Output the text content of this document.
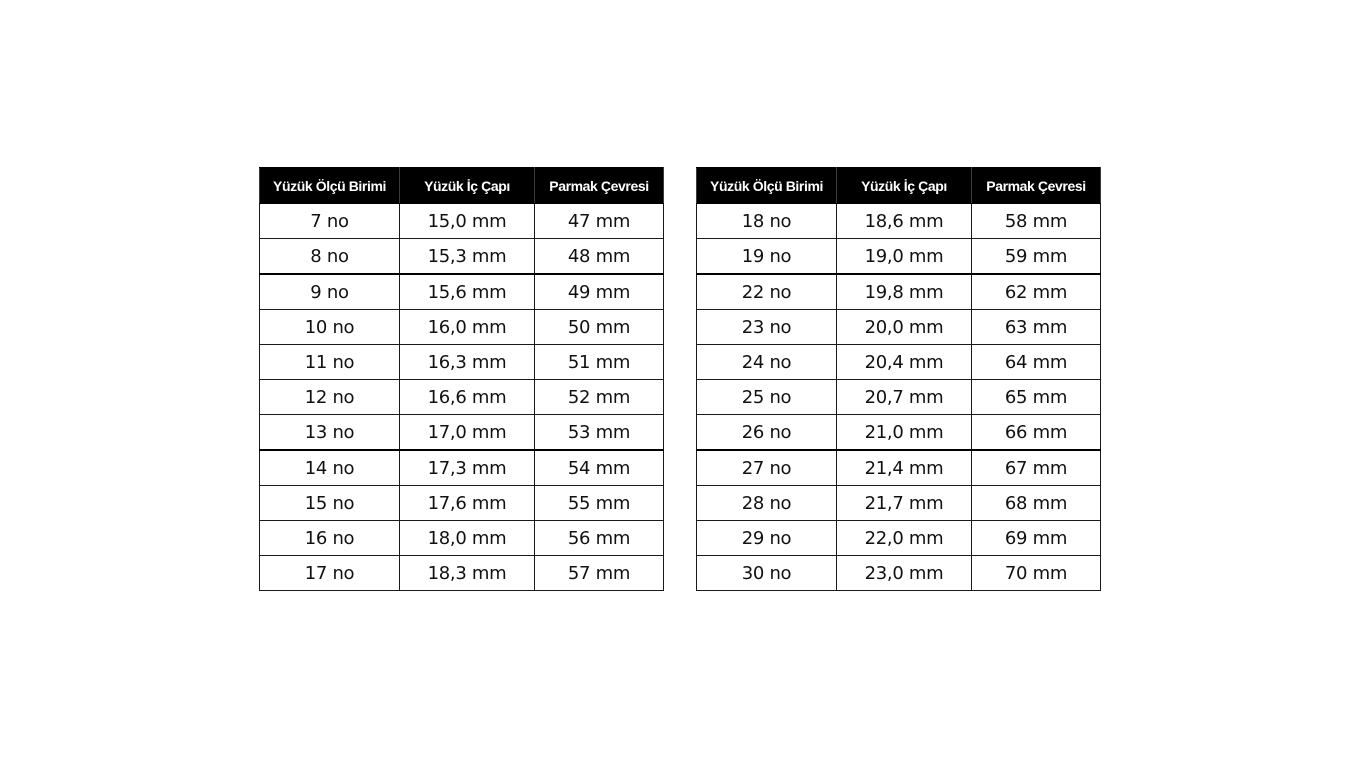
Yüzük Ölçü Birimi	Yüzük İç Çapı	Parmak Çevresi
7 no	15,0 mm	47 mm
8 no	15,3 mm	48 mm
9 no	15,6 mm	49 mm
10 no	16,0 mm	50 mm
11 no	16,3 mm	51 mm
12 no	16,6 mm	52 mm
13 no	17,0 mm	53 mm
14 no	17,3 mm	54 mm
15 no	17,6 mm	55 mm
16 no	18,0 mm	56 mm
17 no	18,3 mm	57 mm
Yüzük Ölçü Birimi	Yüzük İç Çapı	Parmak Çevresi
18 no	18,6 mm	58 mm
19 no	19,0 mm	59 mm
22 no	19,8 mm	62 mm
23 no	20,0 mm	63 mm
24 no	20,4 mm	64 mm
25 no	20,7 mm	65 mm
26 no	21,0 mm	66 mm
27 no	21,4 mm	67 mm
28 no	21,7 mm	68 mm
29 no	22,0 mm	69 mm
30 no	23,0 mm	70 mm
